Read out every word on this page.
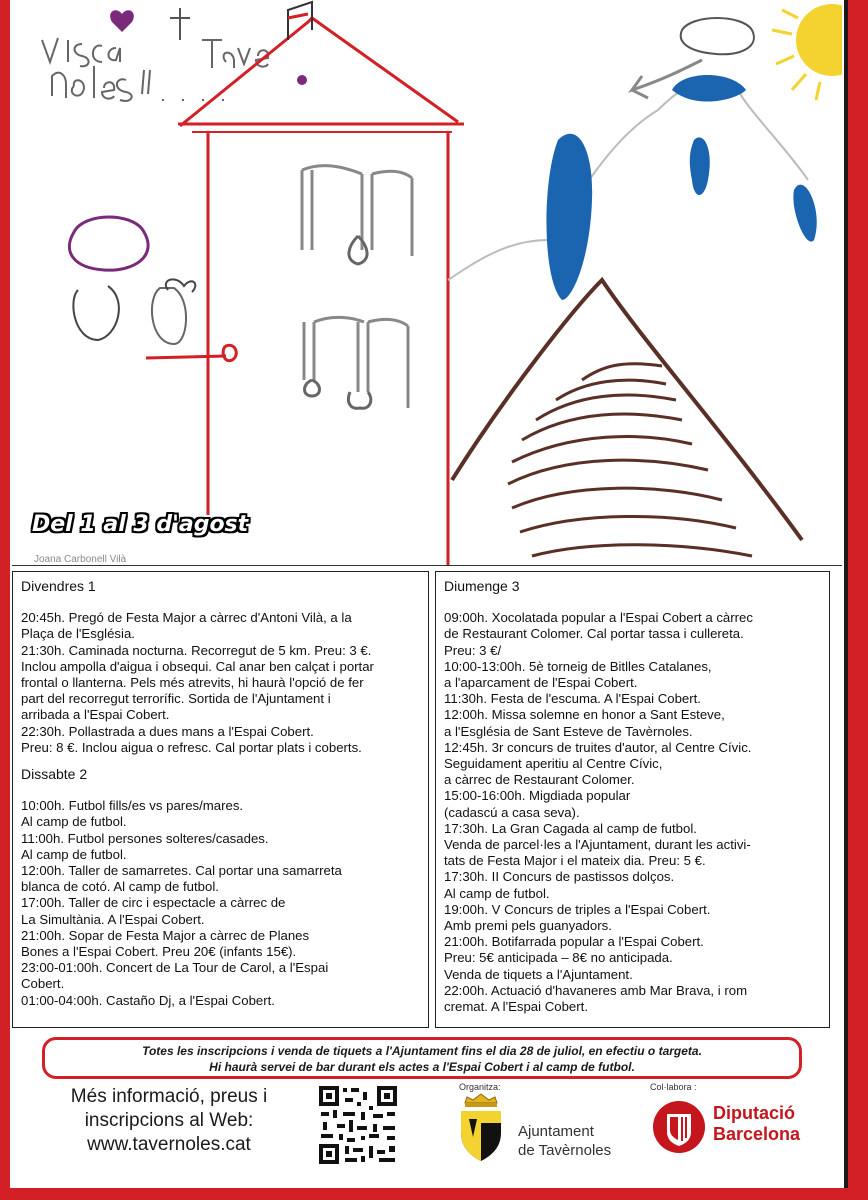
Del 1 al 3 d'agost
Joana Carbonell Vilà
Divendres 1
20:45h. Pregó de Festa Major a càrrec d'Antoni Vilà, a la
Plaça de l'Església.
21:30h. Caminada nocturna. Recorregut de 5 km. Preu: 3 €.
Inclou ampolla d'aigua i obsequi. Cal anar ben calçat i portar
frontal o llanterna. Pels més atrevits, hi haurà l'opció de fer
part del recorregut terrorífic. Sortida de l'Ajuntament i
arribada a l'Espai Cobert.
22:30h. Pollastrada a dues mans a l'Espai Cobert.
Preu: 8 €. Inclou aigua o refresc. Cal portar plats i coberts.
Dissabte 2
10:00h. Futbol fills/es vs pares/mares.
Al camp de futbol.
11:00h. Futbol persones solteres/casades.
Al camp de futbol.
12:00h. Taller de samarretes. Cal portar una samarreta
blanca de cotó. Al camp de futbol.
17:00h. Taller de circ i espectacle a càrrec de
La Simultània. A l'Espai Cobert.
21:00h. Sopar de Festa Major a càrrec de Planes
Bones a l'Espai Cobert. Preu 20€ (infants 15€).
23:00-01:00h. Concert de La Tour de Carol, a l'Espai
Cobert.
01:00-04:00h. Castaño Dj, a l'Espai Cobert.
Diumenge 3
09:00h. Xocolatada popular a l'Espai Cobert a càrrec
de Restaurant Colomer. Cal portar tassa i cullereta.
Preu: 3 €/
10:00-13:00h. 5è torneig de Bitlles Catalanes,
a l'aparcament de l'Espai Cobert.
11:30h. Festa de l'escuma. A l'Espai Cobert.
12:00h. Missa solemne en honor a Sant Esteve,
a l'Església de Sant Esteve de Tavèrnoles.
12:45h. 3r concurs de truites d'autor, al Centre Cívic.
Seguidament aperitiu al Centre Cívic,
a càrrec de Restaurant Colomer.
15:00-16:00h. Migdiada popular
(cadascú a casa seva).
17:30h. La Gran Cagada al camp de futbol.
Venda de parcel·les a l'Ajuntament, durant les activi-
tats de Festa Major i el mateix dia. Preu: 5 €.
17:30h. II Concurs de pastissos dolços.
Al camp de futbol.
19:00h. V Concurs de triples a l'Espai Cobert.
Amb premi pels guanyadors.
21:00h. Botifarrada popular a l'Espai Cobert.
Preu: 5€ anticipada – 8€ no anticipada.
Venda de tiquets a l'Ajuntament.
22:00h. Actuació d'havaneres amb Mar Brava, i rom
cremat. A l'Espai Cobert.
Totes les inscripcions i venda de tiquets a l'Ajuntament fins el dia 28 de juliol, en efectiu o targeta.
Hi haurà servei de bar durant els actes a l'Espai Cobert i al camp de futbol.
Més informació, preus i
inscripcions al Web:
www.tavernoles.cat
Organitza:
Ajuntament
de Tavèrnoles
Col·labora :
Diputació
Barcelona
